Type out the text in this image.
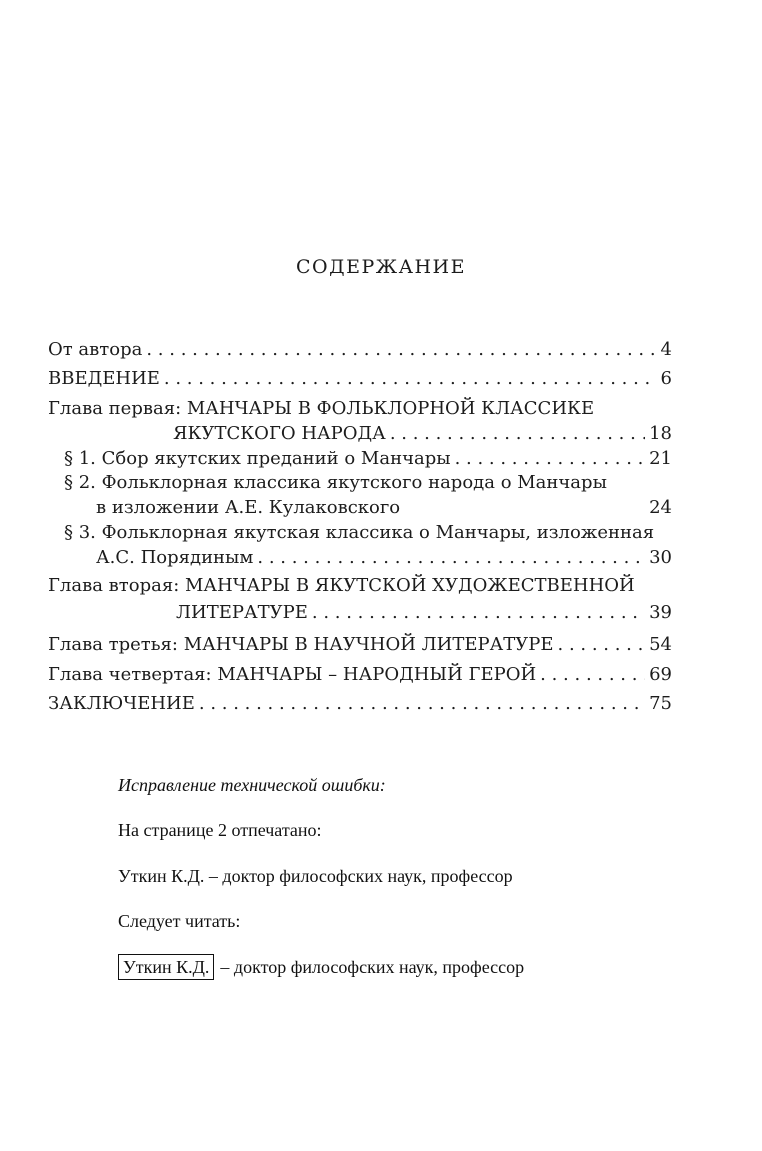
СОДЕРЖАНИЕ
От автора . . .	4
ВВЕДЕНИЕ . . .	6
Глава первая: МАНЧАРЫ В ФОЛЬКЛОРНОЙ КЛАССИКЕ
ЯКУТСКОГО НАРОДА . . .	18
§ 1. Сбор якутских преданий о Манчары . . .	21
§ 2. Фольклорная классика якутского народа о Манчары
в изложении А.Е. Кулаковского	24
§ 3. Фольклорная якутская классика о Манчары, изложенная
А.С. Порядиным . . .	30
Глава вторая: МАНЧАРЫ В ЯКУТСКОЙ ХУДОЖЕСТВЕННОЙ
ЛИТЕРАТУРЕ . . .	39
Глава третья: МАНЧАРЫ В НАУЧНОЙ ЛИТЕРАТУРЕ . . .	54
Глава четвертая: МАНЧАРЫ – НАРОДНЫЙ ГЕРОЙ . . .	69
ЗАКЛЮЧЕНИЕ . . .	75
Исправление технической ошибки:
На странице 2 отпечатано:
Уткин К.Д. – доктор философских наук, профессор
Следует читать:
Уткин К.Д. – доктор философских наук, профессор
